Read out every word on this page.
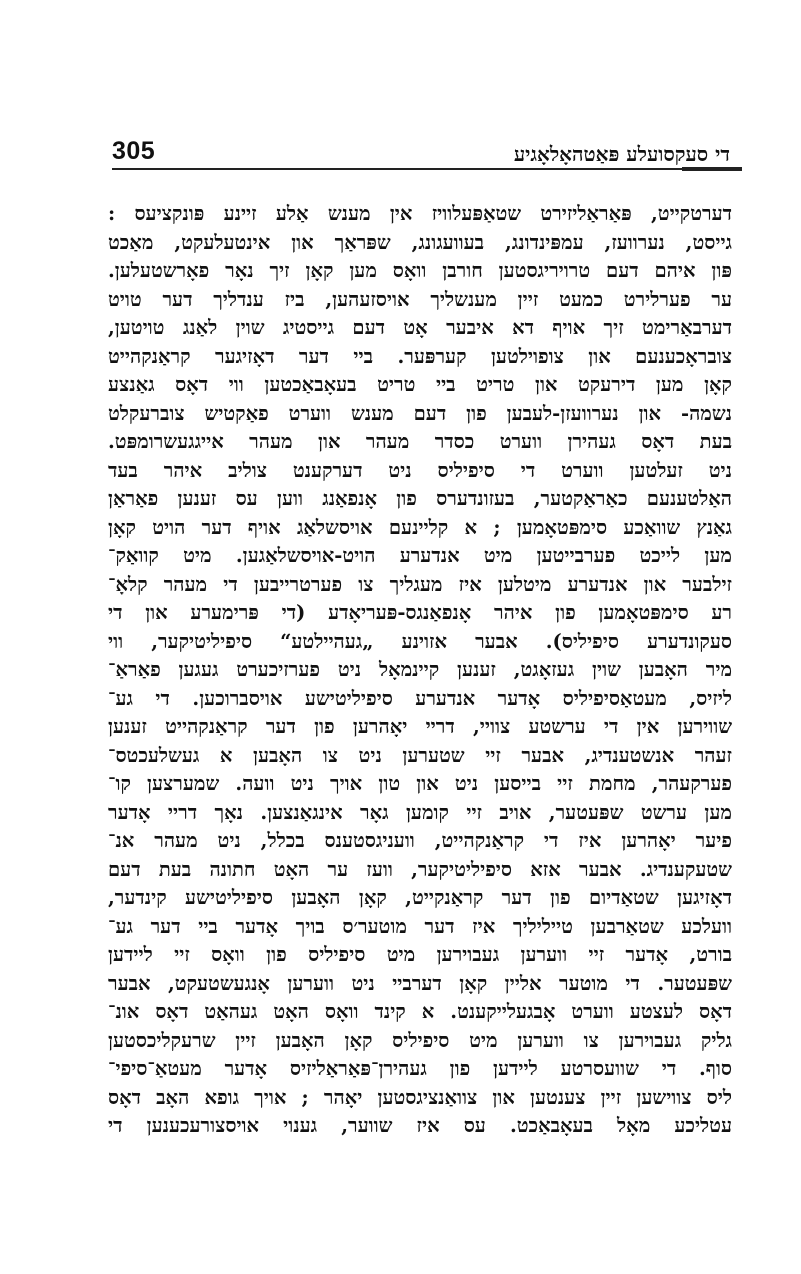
305	די סעקסועלע פּאַטהאָלאָגיע
דערטקייט, פּאַראַליזירט שטאַפּעלוויז אין מענש אַלע זיינע פּונקציעס :
גייסט, נערוועז, עמפּינדונג, בעוועגונג, שפּראַך און אינטעלעקט, מאַכט
פּון איהם דעם טרויריגסטען חורבן וואָס מען קאָן זיך נאָר פאָרשטעלען.
ער פערלירט כמעט זיין מענשליך אויסזעהען, ביז ענדליך דער טויט
דערבאַרימט זיך אויף דא איבער אָט דעם גייסטיג שוין לאַנג טויטען,
צובראָכענעם און צופוילטען קערפּער. ביי דער דאָזיגער קראַנקהייט
קאָן מען דירעקט און טריט ביי טריט בעאָבאַכטען ווי דאָס גאַנצע
נשמה- און נערוועזן-לעבען פון דעם מענש ווערט פאַקטיש צוברעקלט
בעת דאָס געהירן ווערט כסדר מעהר און מעהר אייגגעשרומפּט.
ניט זעלטען ווערט די סיפיליס ניט דערקענט צוליב איהר בעד
האַלטענעם כאַראַקטער, בעזונדערס פון אָנפאַנג ווען עס זענען פאַראַן
גאַנץ שוואַכע סימפּטאָמען ; א קליינעם אויסשלאַג אויף דער הויט קאָן
מען לייכט פערבייטען מיט אנדערע הויט-אויסשלאַגען. מיט קוואַק־
זילבער און אנדערע מיטלען איז מעגליך צו פערטרייבען די מעהר קלאָ־
רע סימפּטאָמען פון איהר אָנפאַנגס-פּעריאָדע (די פּרימערע און די
סעקונדערע סיפיליס). אבער אזוינע „געהיילטע“ סיפיליטיקער, ווי
מיר האָבען שוין געזאָגט, זענען קיינמאָל ניט פערזיכערט געגען פאַראַ־
ליזיס, מעטאַסיפיליס אָדער אנדערע סיפיליטישע אויסברוכען. די גע־
שווירען אין די ערשטע צוויי, דריי יאָהרען פון דער קראַנקהייט זענען
זעהר אנשטענדיג, אבער זיי שטערען ניט צו האָבען א געשלעכטס־
פערקעהר, מחמת זיי בייסען ניט און טון אויך ניט וועה. שמערצען קו־
מען ערשט שפּעטער, אויב זיי קומען גאָר אינגאַנצען. נאָך דריי אָדער
פיער יאָהרען איז די קראַנקהייט, וועניגסטענס בכלל, ניט מעהר אנ־
שטעקענדיג. אבער אזא סיפיליטיקער, וועז ער האָט חתונה בעת דעם
דאָזיגען שטאַדיום פון דער קראַנקייט, קאָן האָבען סיפיליטישע קינדער,
וועלכע שטאַרבען טייליליך איז דער מוטער׳ס בויך אָדער ביי דער גע־
בורט, אָדער זיי ווערען געבוירען מיט סיפיליס פון וואָס זיי ליידען
שפּעטער. די מוטער אליין קאָן דערביי ניט ווערען אָנגעשטעקט, אבער
דאָס לעצטע ווערט אָבגעלייקענט. א קינד וואָס האָט געהאַט דאָס אונ־
גליק געבוירען צו ווערען מיט סיפיליס קאָן האָבען זיין שרעקליכסטען
סוף. די שוועסרטע ליידען פון געהירן־פּאַראַליזיס אָדער מעטאַ־סיפי־
ליס צווישען זיין צענטען און צוואַנציגסטען יאָהר ; אויך גופא האָב דאָס
עטליכע מאָל בעאָבאַכט. עס איז שווער, גענוי אויסצורעכענען די
